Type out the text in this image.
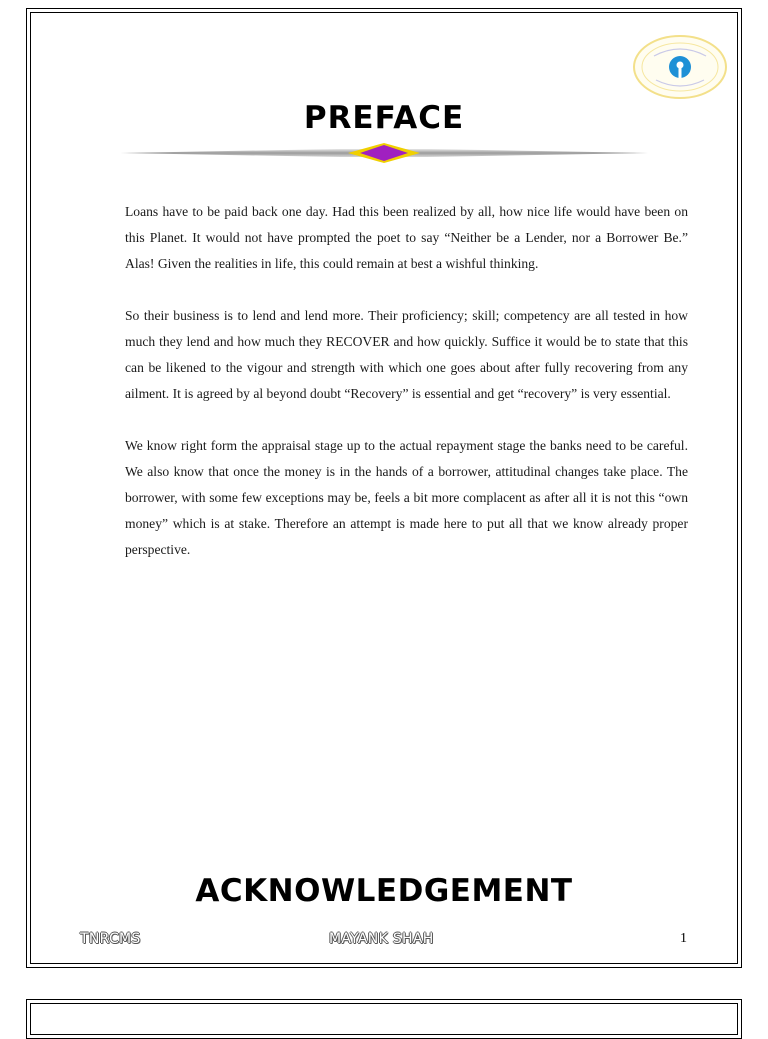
PREFACE

Loans have to be paid back one day. Had this been realized by all, how nice life would have been on this Planet. It would not have prompted the poet to say “Neither be a Lender, nor a Borrower Be.” Alas! Given the realities in life, this could remain at best a wishful thinking.

So their business is to lend and lend more. Their proficiency; skill; competency are all tested in how much they lend and how much they RECOVER and how quickly. Suffice it would be to state that this can be likened to the vigour and strength with which one goes about after fully recovering from any ailment. It is agreed by al beyond doubt “Recovery” is essential and get “recovery” is very essential.

We know right form the appraisal stage up to the actual repayment stage the banks need to be careful. We also know that once the money is in the hands of a borrower, attitudinal changes take place. The borrower, with some few exceptions may be, feels a bit more complacent as after all it is not this “own money” which is at stake. Therefore an attempt is made here to put all that we know already proper perspective.

ACKNOWLEDGEMENT
TNRCMS	MAYANK SHAH	1
